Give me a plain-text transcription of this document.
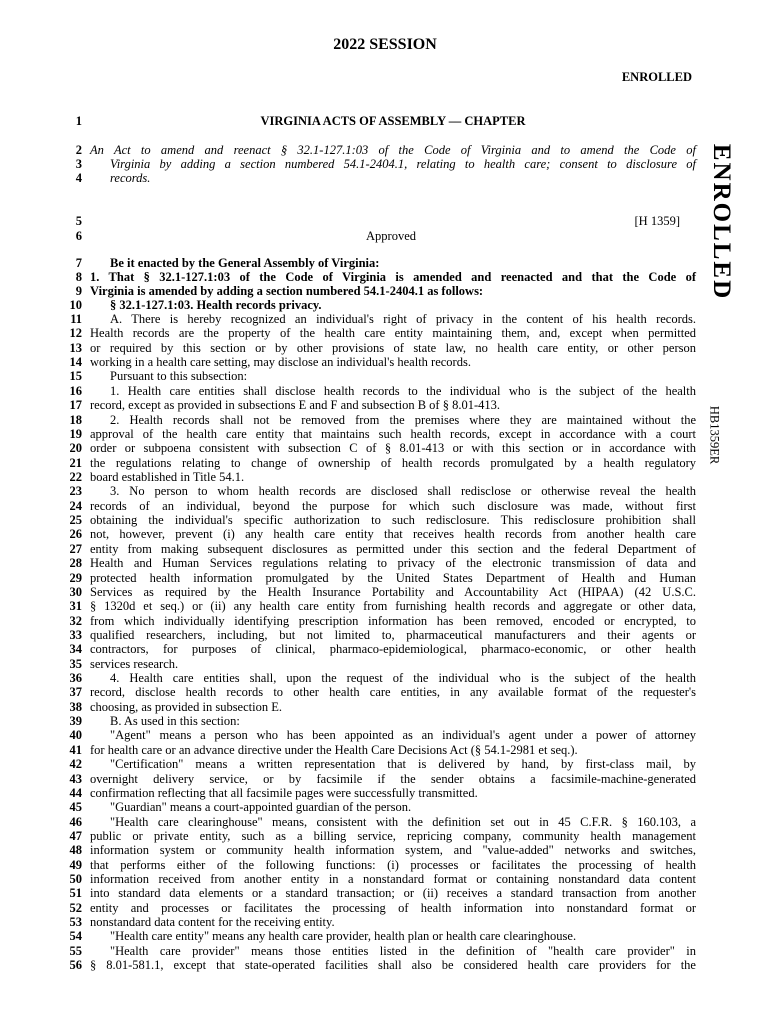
2022 SESSION
ENROLLED
ENROLLED
HB1359ER
1	VIRGINIA ACTS OF ASSEMBLY –– CHAPTER
2 An Act to amend and reenact § 32.1-127.1:03 of the Code of Virginia and to amend the Code of
3 Virginia by adding a section numbered 54.1-2404.1, relating to health care; consent to disclosure of
4 records.
5	[H 1359]
6	Approved
7 Be it enacted by the General Assembly of Virginia:
8 1. That § 32.1-127.1:03 of the Code of Virginia is amended and reenacted and that the Code of
9 Virginia is amended by adding a section numbered 54.1-2404.1 as follows:
10 § 32.1-127.1:03. Health records privacy.
11 A. There is hereby recognized an individual's right of privacy in the content of his health records.
12 Health records are the property of the health care entity maintaining them, and, except when permitted
13 or required by this section or by other provisions of state law, no health care entity, or other person
14 working in a health care setting, may disclose an individual's health records.
15 Pursuant to this subsection:
16 1. Health care entities shall disclose health records to the individual who is the subject of the health
17 record, except as provided in subsections E and F and subsection B of § 8.01-413.
18 2. Health records shall not be removed from the premises where they are maintained without the
19 approval of the health care entity that maintains such health records, except in accordance with a court
20 order or subpoena consistent with subsection C of § 8.01-413 or with this section or in accordance with
21 the regulations relating to change of ownership of health records promulgated by a health regulatory
22 board established in Title 54.1.
23 3. No person to whom health records are disclosed shall redisclose or otherwise reveal the health
24 records of an individual, beyond the purpose for which such disclosure was made, without first
25 obtaining the individual's specific authorization to such redisclosure. This redisclosure prohibition shall
26 not, however, prevent (i) any health care entity that receives health records from another health care
27 entity from making subsequent disclosures as permitted under this section and the federal Department of
28 Health and Human Services regulations relating to privacy of the electronic transmission of data and
29 protected health information promulgated by the United States Department of Health and Human
30 Services as required by the Health Insurance Portability and Accountability Act (HIPAA) (42 U.S.C.
31 § 1320d et seq.) or (ii) any health care entity from furnishing health records and aggregate or other data,
32 from which individually identifying prescription information has been removed, encoded or encrypted, to
33 qualified researchers, including, but not limited to, pharmaceutical manufacturers and their agents or
34 contractors, for purposes of clinical, pharmaco-epidemiological, pharmaco-economic, or other health
35 services research.
36 4. Health care entities shall, upon the request of the individual who is the subject of the health
37 record, disclose health records to other health care entities, in any available format of the requester's
38 choosing, as provided in subsection E.
39 B. As used in this section:
40 "Agent" means a person who has been appointed as an individual's agent under a power of attorney
41 for health care or an advance directive under the Health Care Decisions Act (§ 54.1-2981 et seq.).
42 "Certification" means a written representation that is delivered by hand, by first-class mail, by
43 overnight delivery service, or by facsimile if the sender obtains a facsimile-machine-generated
44 confirmation reflecting that all facsimile pages were successfully transmitted.
45 "Guardian" means a court-appointed guardian of the person.
46 "Health care clearinghouse" means, consistent with the definition set out in 45 C.F.R. § 160.103, a
47 public or private entity, such as a billing service, repricing company, community health management
48 information system or community health information system, and "value-added" networks and switches,
49 that performs either of the following functions: (i) processes or facilitates the processing of health
50 information received from another entity in a nonstandard format or containing nonstandard data content
51 into standard data elements or a standard transaction; or (ii) receives a standard transaction from another
52 entity and processes or facilitates the processing of health information into nonstandard format or
53 nonstandard data content for the receiving entity.
54 "Health care entity" means any health care provider, health plan or health care clearinghouse.
55 "Health care provider" means those entities listed in the definition of "health care provider" in
56 § 8.01-581.1, except that state-operated facilities shall also be considered health care providers for the
